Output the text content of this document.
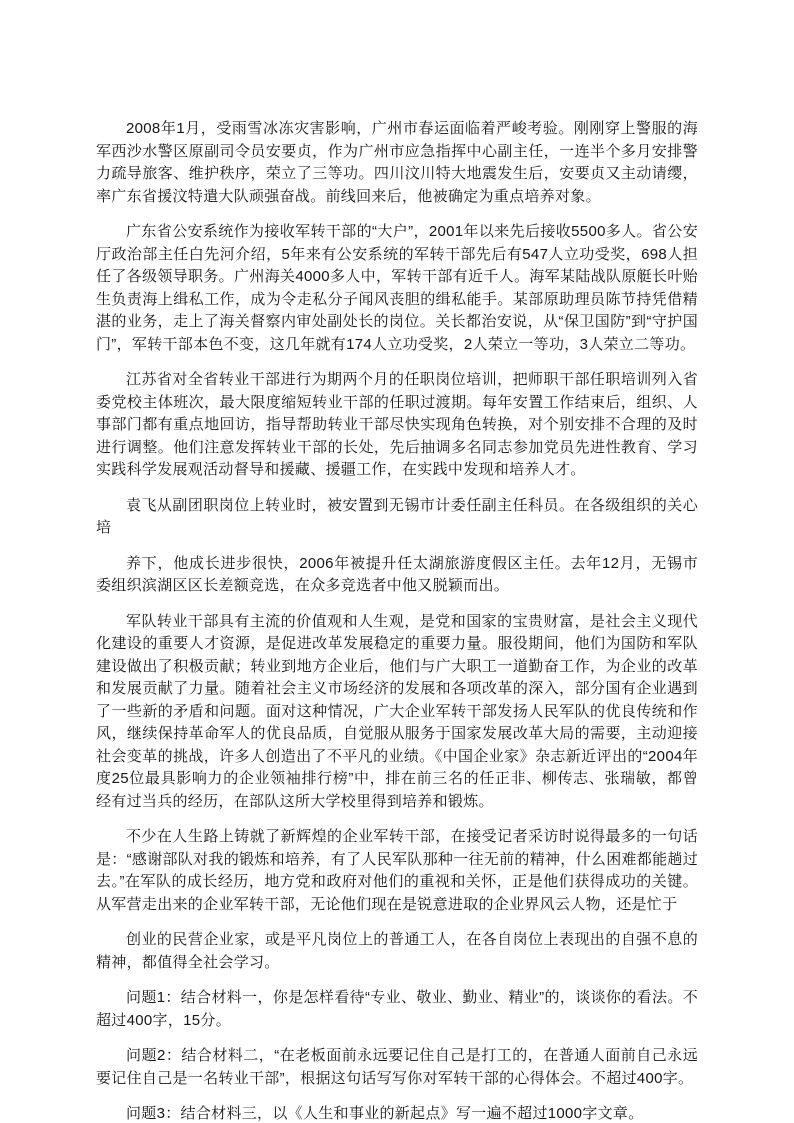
2008年1月，受雨雪冰冻灾害影响，广州市春运面临着严峻考验。刚刚穿上警服的海军西沙水警区原副司令员安要贞，作为广州市应急指挥中心副主任，一连半个多月安排警力疏导旅客、维护秩序，荣立了三等功。四川汶川特大地震发生后，安要贞又主动请缨，率广东省援汶特遣大队顽强奋战。前线回来后，他被确定为重点培养对象。

广东省公安系统作为接收军转干部的“大户”，2001年以来先后接收5500多人。省公安厅政治部主任白先河介绍，5年来有公安系统的军转干部先后有547人立功受奖，698人担任了各级领导职务。广州海关4000多人中，军转干部有近千人。海军某陆战队原艇长叶贻生负责海上缉私工作，成为令走私分子闻风丧胆的缉私能手。某部原助理员陈节持凭借精湛的业务，走上了海关督察内审处副处长的岗位。关长都治安说，从“保卫国防”到“守护国门”，军转干部本色不变，这几年就有174人立功受奖，2人荣立一等功，3人荣立二等功。

江苏省对全省转业干部进行为期两个月的任职岗位培训，把师职干部任职培训列入省委党校主体班次，最大限度缩短转业干部的任职过渡期。每年安置工作结束后，组织、人事部门都有重点地回访，指导帮助转业干部尽快实现角色转换，对个别安排不合理的及时进行调整。他们注意发挥转业干部的长处，先后抽调多名同志参加党员先进性教育、学习实践科学发展观活动督导和援藏、援疆工作，在实践中发现和培养人才。

袁飞从副团职岗位上转业时，被安置到无锡市计委任副主任科员。在各级组织的关心培

养下，他成长进步很快，2006年被提升任太湖旅游度假区主任。去年12月，无锡市委组织滨湖区区长差额竞选，在众多竞选者中他又脱颖而出。

军队转业干部具有主流的价值观和人生观，是党和国家的宝贵财富，是社会主义现代化建设的重要人才资源，是促进改革发展稳定的重要力量。服役期间，他们为国防和军队建设做出了积极贡献；转业到地方企业后，他们与广大职工一道勤奋工作，为企业的改革和发展贡献了力量。随着社会主义市场经济的发展和各项改革的深入，部分国有企业遇到了一些新的矛盾和问题。面对这种情况，广大企业军转干部发扬人民军队的优良传统和作风，继续保持革命军人的优良品质，自觉服从服务于国家发展改革大局的需要，主动迎接社会变革的挑战，许多人创造出了不平凡的业绩。《中国企业家》杂志新近评出的“2004年度25位最具影响力的企业领袖排行榜”中，排在前三名的任正非、柳传志、张瑞敏，都曾经有过当兵的经历，在部队这所大学校里得到培养和锻炼。

不少在人生路上铸就了新辉煌的企业军转干部，在接受记者采访时说得最多的一句话是：“感谢部队对我的锻炼和培养，有了人民军队那种一往无前的精神，什么困难都能趟过去。”在军队的成长经历，地方党和政府对他们的重视和关怀，正是他们获得成功的关键。从军营走出来的企业军转干部，无论他们现在是锐意进取的企业界风云人物，还是忙于

创业的民营企业家，或是平凡岗位上的普通工人，在各自岗位上表现出的自强不息的精神，都值得全社会学习。

问题1：结合材料一，你是怎样看待“专业、敬业、勤业、精业”的，谈谈你的看法。不超过400字，15分。

问题2：结合材料二，“在老板面前永远要记住自己是打工的，在普通人面前自己永远要记住自己是一名转业干部”，根据这句话写写你对军转干部的心得体会。不超过400字。

问题3：结合材料三，以《人生和事业的新起点》写一遍不超过1000字文章。
